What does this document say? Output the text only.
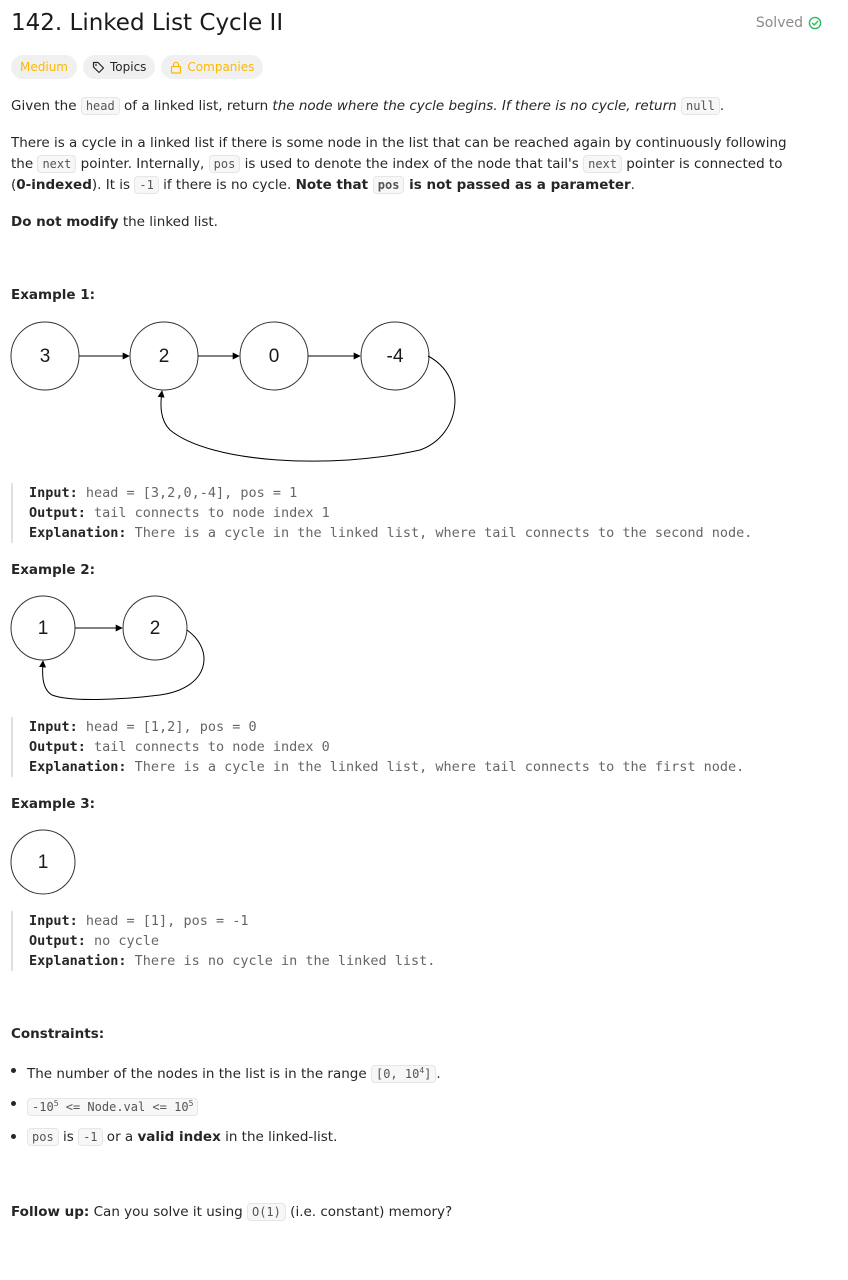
142. Linked List Cycle II	Solved
Medium	Topics	Companies

Given the head of a linked list, return the node where the cycle begins. If there is no cycle, return null .

There is a cycle in a linked list if there is some node in the list that can be reached again by continuously following the next pointer. Internally, pos is used to denote the index of the node that tail's next pointer is connected to (0-indexed). It is -1 if there is no cycle. Note that pos is not passed as a parameter.

Do not modify the linked list.

Example 1:

3	2	0	-4
Input: head = [3,2,0,-4], pos = 1
Output: tail connects to node index 1
Explanation: There is a cycle in the linked list, where tail connects to the second node.

Example 2:

1	2
Input: head = [1,2], pos = 0
Output: tail connects to node index 0
Explanation: There is a cycle in the linked list, where tail connects to the first node.

Example 3:

1
Input: head = [1], pos = -1
Output: no cycle
Explanation: There is no cycle in the linked list.

Constraints:

The number of the nodes in the list is in the range [0, $10^4$] .
$-10^5$ <= Node.val <= $10^5$
pos is -1 or a valid index in the linked-list.

Follow up: Can you solve it using O(1) (i.e. constant) memory?
